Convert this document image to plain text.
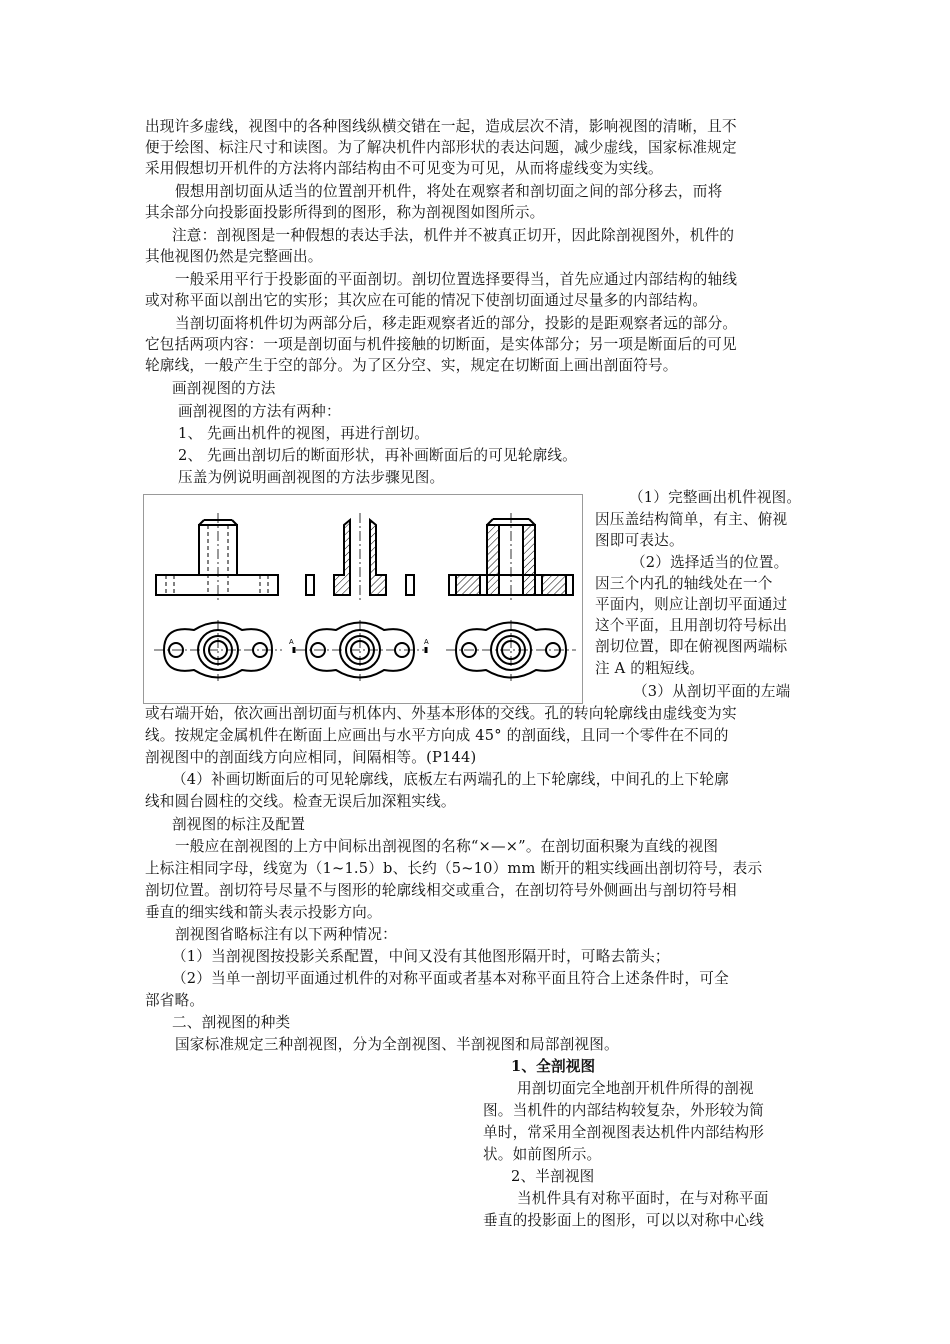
出现许多虚线，视图中的各种图线纵横交错在一起，造成层次不清，影响视图的清晰，且不
便于绘图、标注尺寸和读图。为了解决机件内部形状的表达问题，减少虚线，国家标准规定
采用假想切开机件的方法将内部结构由不可见变为可见，从而将虚线变为实线。
假想用剖切面从适当的位置剖开机件，将处在观察者和剖切面之间的部分移去，而将
其余部分向投影面投影所得到的图形，称为剖视图如图所示。
注意：剖视图是一种假想的表达手法，机件并不被真正切开，因此除剖视图外，机件的
其他视图仍然是完整画出。
一般采用平行于投影面的平面剖切。剖切位置选择要得当，首先应通过内部结构的轴线
或对称平面以剖出它的实形；其次应在可能的情况下使剖切面通过尽量多的内部结构。
当剖切面将机件切为两部分后，移走距观察者近的部分，投影的是距观察者远的部分。
它包括两项内容：一项是剖切面与机件接触的切断面，是实体部分；另一项是断面后的可见
轮廓线，一般产生于空的部分。为了区分空、实，规定在切断面上画出剖面符号。
画剖视图的方法
画剖视图的方法有两种：
1、 先画出机件的视图，再进行剖切。
2、 先画出剖切后的断面形状，再补画断面后的可见轮廓线。
压盖为例说明画剖视图的方法步骤见图。
A	A
（1）完整画出机件视图。
因压盖结构简单，有主、俯视
图即可表达。
（2）选择适当的位置。
因三个内孔的轴线处在一个
平面内，则应让剖切平面通过
这个平面，且用剖切符号标出
剖切位置，即在俯视图两端标
注 A 的粗短线。
（3）从剖切平面的左端
或右端开始，依次画出剖切面与机体内、外基本形体的交线。孔的转向轮廓线由虚线变为实
线。按规定金属机件在断面上应画出与水平方向成 45° 的剖面线，且同一个零件在不同的
剖视图中的剖面线方向应相同，间隔相等。(P144)
（4）补画切断面后的可见轮廓线，底板左右两端孔的上下轮廓线，中间孔的上下轮廓
线和圆台圆柱的交线。检查无误后加深粗实线。
剖视图的标注及配置
一般应在剖视图的上方中间标出剖视图的名称“×—×”。在剖切面积聚为直线的视图
上标注相同字母，线宽为（1~1.5）b、长约（5~10）mm 断开的粗实线画出剖切符号，表示
剖切位置。剖切符号尽量不与图形的轮廓线相交或重合，在剖切符号外侧画出与剖切符号相
垂直的细实线和箭头表示投影方向。
剖视图省略标注有以下两种情况：
（1）当剖视图按投影关系配置，中间又没有其他图形隔开时，可略去箭头；
（2）当单一剖切平面通过机件的对称平面或者基本对称平面且符合上述条件时，可全
部省略。
二、剖视图的种类
国家标准规定三种剖视图，分为全剖视图、半剖视图和局部剖视图。
1、全剖视图
用剖切面完全地剖开机件所得的剖视
图。当机件的内部结构较复杂，外形较为简
单时，常采用全剖视图表达机件内部结构形
状。如前图所示。
2、半剖视图
当机件具有对称平面时，在与对称平面
垂直的投影面上的图形，可以以对称中心线
